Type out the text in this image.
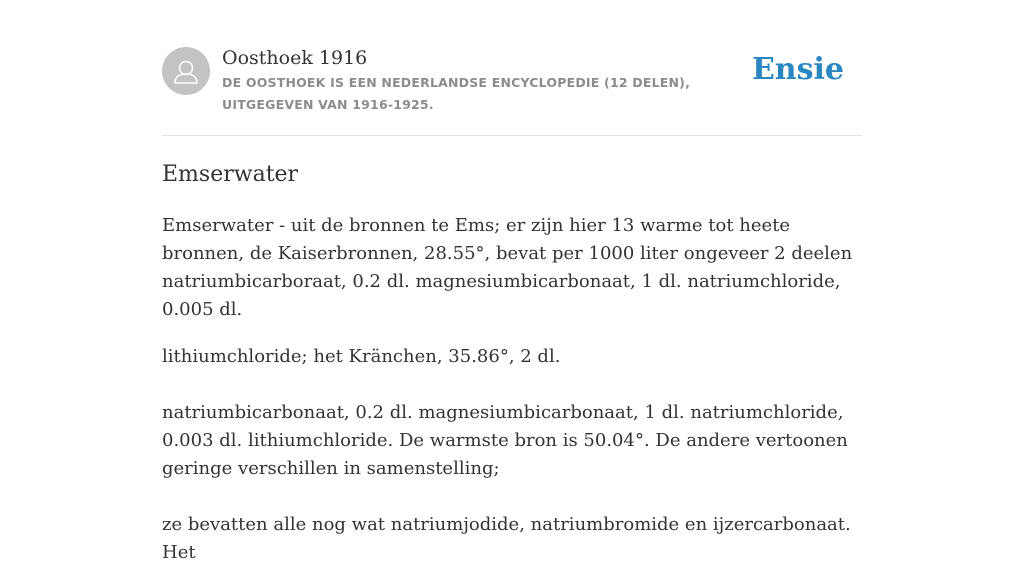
Oosthoek 1916
DE OOSTHOEK IS EEN NEDERLANDSE ENCYCLOPEDIE (12 DELEN), UITGEGEVEN VAN 1916-1925.
Ensie
Emserwater

Emserwater - uit de bronnen te Ems; er zijn hier 13 warme tot heete bronnen, de Kaiserbronnen, 28.55°, bevat per 1000 liter ongeveer 2 deelen natriumbicarboraat, 0.2 dl. magnesiumbicarbonaat, 1 dl. natriumchloride, 0.005 dl.

lithiumchloride; het Kränchen, 35.86°, 2 dl.

natriumbicarbonaat, 0.2 dl. magnesiumbicarbonaat, 1 dl. natriumchloride, 0.003 dl. lithiumchloride. De warmste bron is 50.04°. De andere vertoonen geringe verschillen in samenstelling;

ze bevatten alle nog wat natriumjodide, natriumbromide en ijzercarbonaat. Het
